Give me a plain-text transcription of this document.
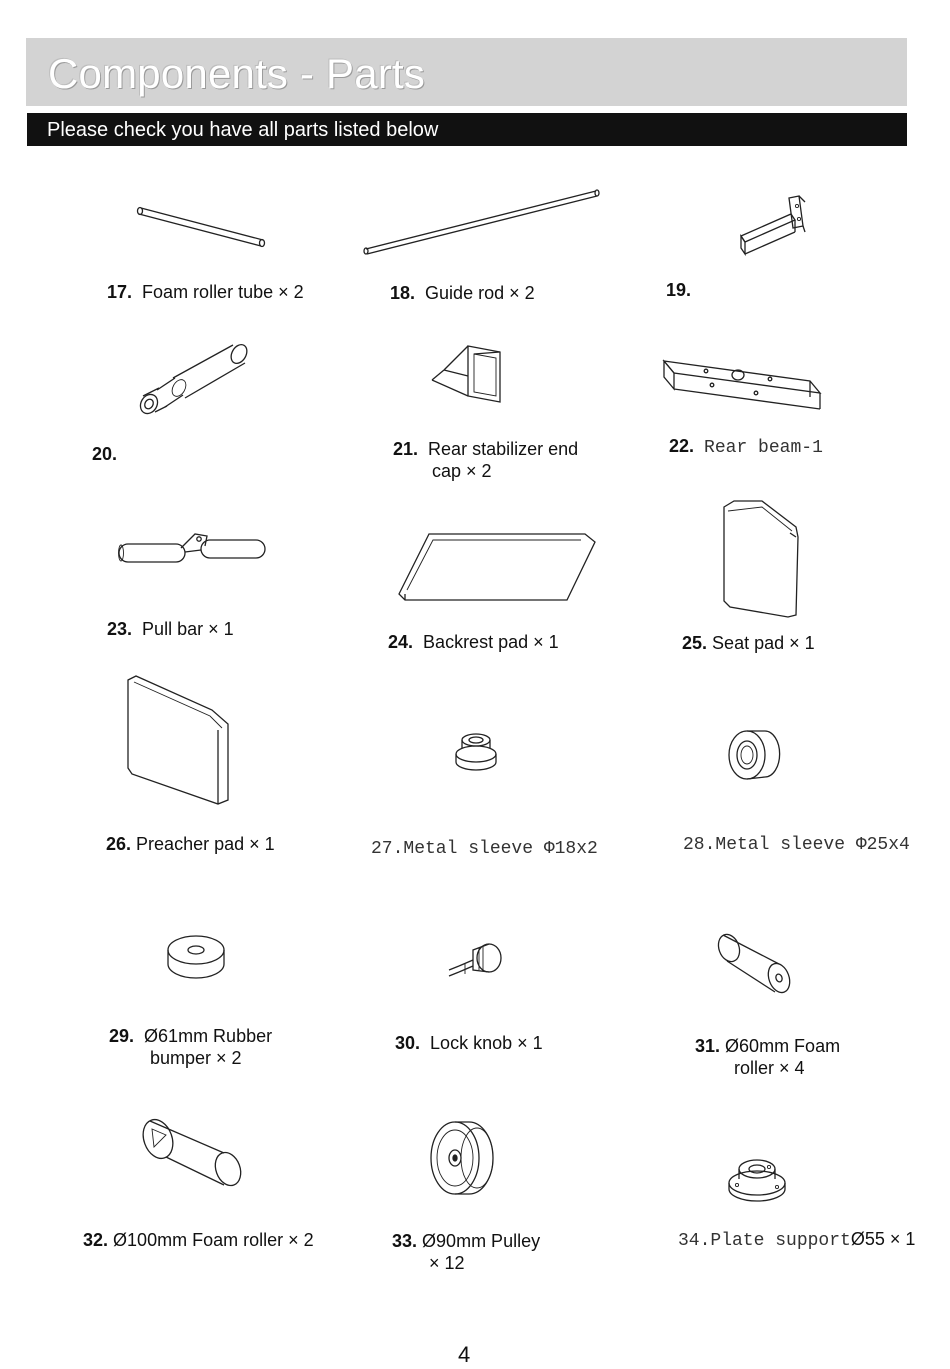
Components - Parts
Please check you have all parts listed below
17. Foam roller tube × 2	18. Guide rod × 2	19.
20.	21. Rear stabilizer end
cap × 2
22. Rear beam-1
23. Pull bar × 1
24. Backrest pad × 1	25. Seat pad × 1
26. Preacher pad × 1	27.Metal sleeve Φ18x2	28.Metal sleeve Φ25x4
29. Ø61mm Rubber
bumper × 2
30. Lock knob × 1	31. Ø60mm Foam
roller × 4
32. Ø100mm Foam roller × 2	33. Ø90mm Pulley
× 12
34.Plate supportØ55 × 1
4
